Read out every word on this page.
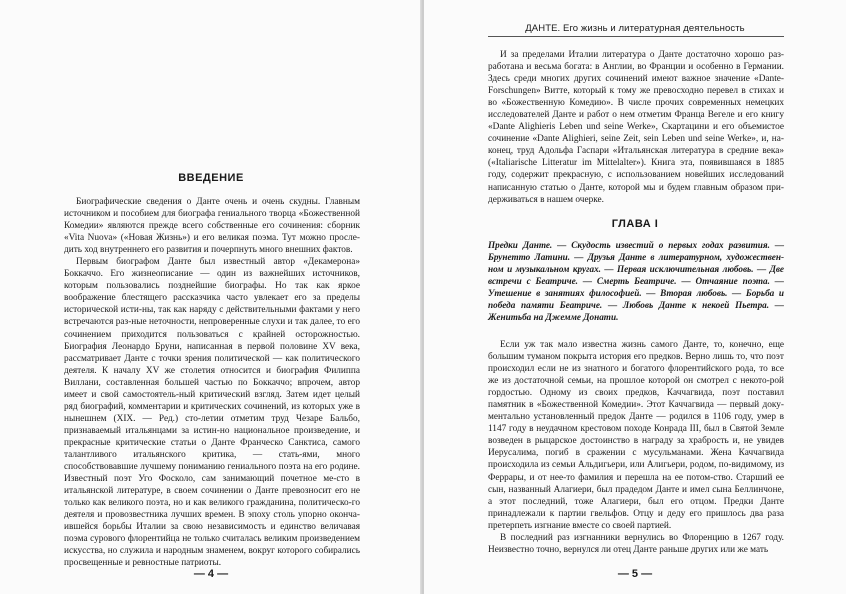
ВВЕДЕНИЕ

Биографические сведения о Данте очень и очень скудны. Главным источником и пособием для биографа гениального творца «Божественной Комедии» являются прежде всего собственные его сочинения: сборник «Vita Nuova» («Новая Жизнь») и его великая поэма. Тут можно просле-дить ход внутреннего его развития и почерпнуть много внешних фактов.

Первым биографом Данте был известный автор «Декамерона» Боккаччо. Его жизнеописание — один из важнейших источников, которым пользовались позднейшие биографы. Но так как яркое воображение блестящего рассказчика часто увлекает его за пределы исторической исти-ны, так как наряду с действительными фактами у него встречаются раз-ные неточности, непроверенные слухи и так далее, то его сочинением приходится пользоваться с крайней осторожностью. Биография Леонардо Бруни, написанная в первой половине XV века, рассматривает Данте с точки зрения политической — как политического деятеля. К началу XV же столетия относится и биография Филиппа Виллани, составленная большей частью по Боккаччо; впрочем, автор имеет и свой самостоятель-ный критический взгляд. Затем идет целый ряд биографий, комментарии и критических сочинений, из которых уже в нынешнем (XIX. — Ред.) сто-летии отметим труд Чезаре Бальбо, признаваемый итальянцами за истин-но национальное произведение, и прекрасные критические статьи о Данте Франческо Санктиса, самого талантливого итальянского критика, — стать-ями, много способствовавшие лучшему пониманию гениального поэта на его родине. Известный поэт Уго Фосколо, сам занимающий почетное ме-сто в итальянской литературе, в своем сочинении о Данте превозносит его не только как великого поэта, но и как великого гражданина, политическо-го деятеля и провозвестника лучших времен. В эпоху столь упорно оконча-ившейся борьбы Италии за свою независимость и единство величавая поэма сурового флорентийца не только считалась великим произведением искусства, но служила и народным знаменем, вокруг которого собирались просвещенные и ревностные патриоты.

— 4 —
ДАНТЕ. Его жизнь и литературная деятельность

И за пределами Италии литература о Данте достаточно хорошо раз-работана и весьма богата: в Англии, во Франции и особенно в Германии. Здесь среди многих других сочинений имеют важное значение «Dante-Forschungen» Витте, который к тому же превосходно перевел в стихах и во «Божественную Комедию». В числе прочих современных немецких исследователей Данте и работ о нем отметим Франца Вегеле и его книгу «Dante Alighieris Leben und seine Werke», Скартацини и его объемистое сочинение «Dante Alighieri, seine Zeit, sein Leben und seine Werke», и, на-конец, труд Адольфа Гаспари «Итальянская литература в средние века» («Italiarische Litteratur im Mittelalter»). Книга эта, появившаяся в 1885 году, содержит прекрасную, с использованием новейших исследований написанную статью о Данте, которой мы и будем главным образом при-держиваться в нашем очерке.

ГЛАВА I
Предки Данте. — Скудость известий о первых годах развития. — Брунетто Латини. — Друзья Данте в литературном, художествен-ном и музыкальном кругах. — Первая исключительная любовь. — Две встречи с Беатриче. — Смерть Беатриче. — Отчаяние поэта. — Утешение в занятиях философией. — Вторая любовь. — Борьба и победа памяти Беатриче. — Любовь Данте к некоей Пьетра. — Женитьба на Джемме Донати.

Если уж так мало известна жизнь самого Данте, то, конечно, еще большим туманом покрыта история его предков. Верно лишь то, что поэт происходил если не из знатного и богатого флорентийского рода, то все же из достаточной семьи, на прошлое которой он смотрел с некото-рой гордостью. Одному из своих предков, Каччагвида, поэт поставил памятник в «Божественной Комедии». Этот Каччагвида — первый доку-ментально установленный предок Данте — родился в 1106 году, умер в 1147 году в неудачном крестовом походе Конрада III, был в Святой Земле возведен в рыцарское достоинство в награду за храбрость и, не увидев Иерусалима, погиб в сражении с мусульманами. Жена Каччагвида происходила из семьи Альдигьери, или Алигьери, родом, по-видимому, из Феррары, и от нее-то фамилия и перешла на ее потом-ство. Старший ее сын, названный Алагиери, был прадедом Данте и имел сына Беллинчоне, а этот последний, тоже Алагиери, был его отцом. Предки Данте принадлежали к партии гвельфов. Отцу и деду его пришлось два раза претерпеть изгнание вместе со своей партией.

В последний раз изгнанники вернулись во Флоренцию в 1267 году. Неизвестно точно, вернулся ли отец Данте раньше других или же мать

— 5 —
